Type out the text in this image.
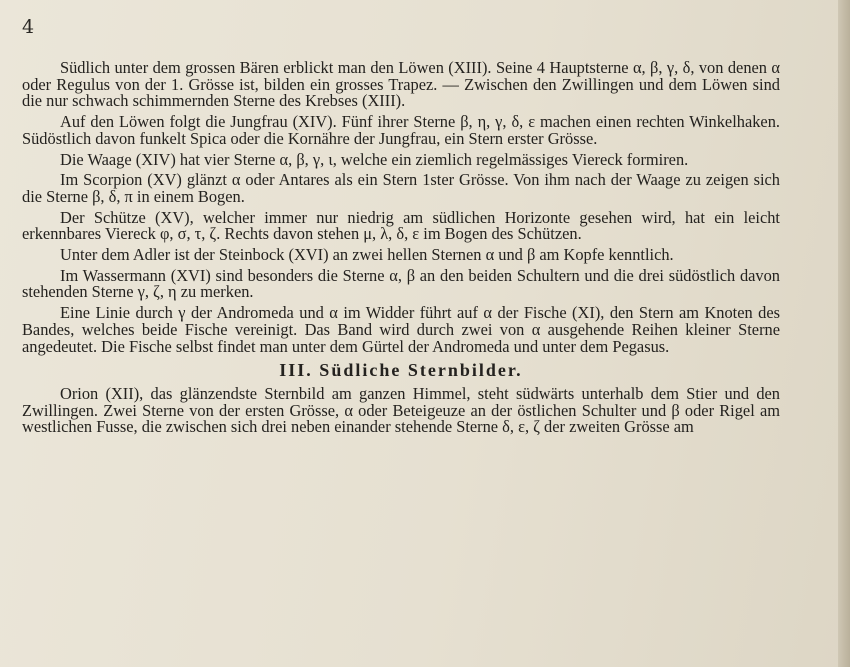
4

Südlich unter dem grossen Bären erblickt man den Löwen (XIII). Seine 4 Hauptsterne α, β, γ, δ, von denen α oder Regulus von der 1. Grösse ist, bilden ein grosses Trapez. — Zwischen den Zwillingen und dem Löwen sind die nur schwach schimmernden Sterne des Krebses (XIII).

Auf den Löwen folgt die Jungfrau (XIV). Fünf ihrer Sterne β, η, γ, δ, ε machen einen rechten Winkelhaken. Südöstlich davon funkelt Spica oder die Kornähre der Jungfrau, ein Stern erster Grösse.

Die Waage (XIV) hat vier Sterne α, β, γ, ι, welche ein ziemlich regelmässiges Viereck formiren.

Im Scorpion (XV) glänzt α oder Antares als ein Stern 1ster Grösse. Von ihm nach der Waage zu zeigen sich die Sterne β, δ, π in einem Bogen.

Der Schütze (XV), welcher immer nur niedrig am südlichen Horizonte gesehen wird, hat ein leicht erkennbares Viereck φ, σ, τ, ζ. Rechts davon stehen μ, λ, δ, ε im Bogen des Schützen.

Unter dem Adler ist der Steinbock (XVI) an zwei hellen Sternen α und β am Kopfe kenntlich.

Im Wassermann (XVI) sind besonders die Sterne α, β an den beiden Schultern und die drei südöstlich davon stehenden Sterne γ, ζ, η zu merken.

Eine Linie durch γ der Andromeda und α im Widder führt auf α der Fische (XI), den Stern am Knoten des Bandes, welches beide Fische vereinigt. Das Band wird durch zwei von α ausgehende Reihen kleiner Sterne angedeutet. Die Fische selbst findet man unter dem Gürtel der Andromeda und unter dem Pegasus.

III. Südliche Sternbilder.

Orion (XII), das glänzendste Sternbild am ganzen Himmel, steht südwärts unterhalb dem Stier und den Zwillingen. Zwei Sterne von der ersten Grösse, α oder Beteigeuze an der östlichen Schulter und β oder Rigel am westlichen Fusse, die zwischen sich drei neben einander stehende Sterne δ, ε, ζ der zweiten Grösse am
